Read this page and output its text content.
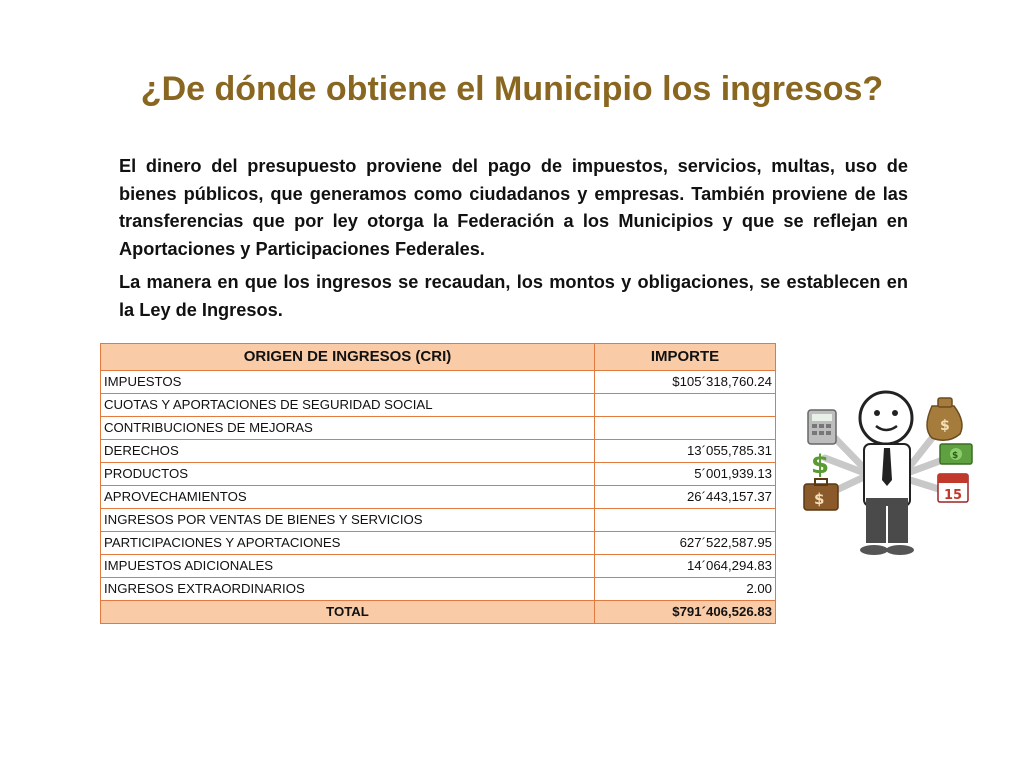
¿De dónde obtiene el Municipio los ingresos?

El dinero del presupuesto proviene del pago de impuestos, servicios, multas, uso de bienes públicos, que generamos como ciudadanos y empresas. También proviene de las transferencias que por ley otorga la Federación a los Municipios y que se reflejan en Aportaciones y Participaciones Federales.

La manera en que los ingresos se recaudan, los montos y obligaciones, se establecen en la Ley de Ingresos.

ORIGEN DE INGRESOS (CRI)	IMPORTE
IMPUESTOS	$105´318,760.24
CUOTAS Y APORTACIONES DE SEGURIDAD SOCIAL	
CONTRIBUCIONES DE MEJORAS	
DERECHOS	13´055,785.31
PRODUCTOS	5´001,939.13
APROVECHAMIENTOS	26´443,157.37
INGRESOS POR VENTAS DE BIENES Y SERVICIOS	
PARTICIPACIONES Y APORTACIONES	627´522,587.95
IMPUESTOS ADICIONALES	14´064,294.83
INGRESOS EXTRAORDINARIOS	2.00
TOTAL	$791´406,526.83
$
$
$
$
15
